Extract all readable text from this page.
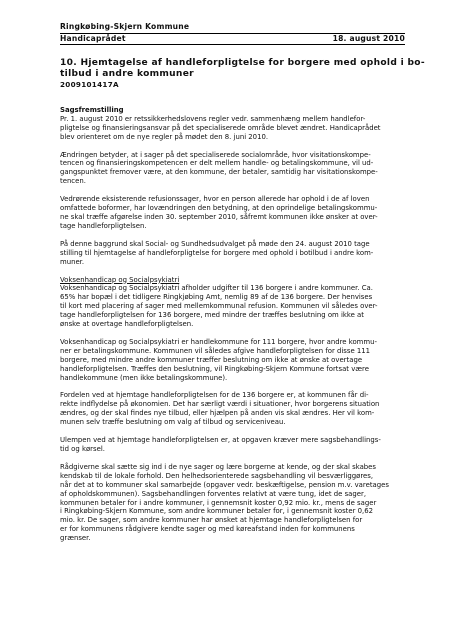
Ringkøbing-Skjern Kommune
Handicaprådet	18. august 2010
10. Hjemtagelse af handleforpligtelse for borgere med ophold i bo-
tilbud i andre kommuner
2009101417A
Sagsfremstilling
Pr. 1. august 2010 er retssikkerhedslovens regler vedr. sammenhæng mellem handlefor-
pligtelse og finansieringsansvar på det specialiserede område blevet ændret. Handicaprådet
blev orienteret om de nye regler på mødet den 8. juni 2010.
Ændringen betyder, at i sager på det specialiserede socialområde, hvor visitationskompe-
tencen og finansieringskompetencen er delt mellem handle- og betalingskommune, vil ud-
gangspunktet fremover være, at den kommune, der betaler, samtidig har visitationskompe-
tencen.
Vedrørende eksisterende refusionssager, hvor en person allerede har ophold i de af loven
omfattede boformer, har lovændringen den betydning, at den oprindelige betalingskommu-
ne skal træffe afgørelse inden 30. september 2010, såfremt kommunen ikke ønsker at over-
tage handleforpligtelsen.
På denne baggrund skal Social- og Sundhedsudvalget på møde den 24. august 2010 tage
stilling til hjemtagelse af handleforpligtelse for borgere med ophold i botilbud i andre kom-
muner.
Voksenhandicap og Socialpsykiatri
Voksenhandicap og Socialpsykiatri afholder udgifter til 136 borgere i andre kommuner. Ca.
65% har bopæl i det tidligere Ringkjøbing Amt, nemlig 89 af de 136 borgere. Der henvises
til kort med placering af sager med mellemkommunal refusion. Kommunen vil således over-
tage handleforpligtelsen for 136 borgere, med mindre der træffes beslutning om ikke at
ønske at overtage handleforpligtelsen.
Voksenhandicap og Socialpsykiatri er handlekommune for 111 borgere, hvor andre kommu-
ner er betalingskommune. Kommunen vil således afgive handleforpligtelsen for disse 111
borgere, med mindre andre kommuner træffer beslutning om ikke at ønske at overtage
handleforpligtelsen. Træffes den beslutning, vil Ringkøbing-Skjern Kommune fortsat være
handlekommune (men ikke betalingskommune).
Fordelen ved at hjemtage handleforpligtelsen for de 136 borgere er, at kommunen får di-
rekte indflydelse på økonomien. Det har særligt værdi i situationer, hvor borgerens situation
ændres, og der skal findes nye tilbud, eller hjælpen på anden vis skal ændres. Her vil kom-
munen selv træffe beslutning om valg af tilbud og serviceniveau.
Ulempen ved at hjemtage handleforpligtelsen er, at opgaven kræver mere sagsbehandlings-
tid og kørsel.
Rådgiverne skal sætte sig ind i de nye sager og lære borgerne at kende, og der skal skabes
kendskab til de lokale forhold. Den helhedsorienterede sagsbehandling vil besværliggøres,
når det at to kommuner skal samarbejde (opgaver vedr. beskæftigelse, pension m.v. varetages
af opholdskommunen). Sagsbehandlingen forventes relativt at være tung, idet de sager,
kommunen betaler for i andre kommuner, i gennemsnit koster 0,92 mio. kr., mens de sager
i Ringkøbing-Skjern Kommune, som andre kommuner betaler for, i gennemsnit koster 0,62
mio. kr. De sager, som andre kommuner har ønsket at hjemtage handleforpligtelsen for
er for kommunens rådgivere kendte sager og med køreafstand inden for kommunens
grænser.
